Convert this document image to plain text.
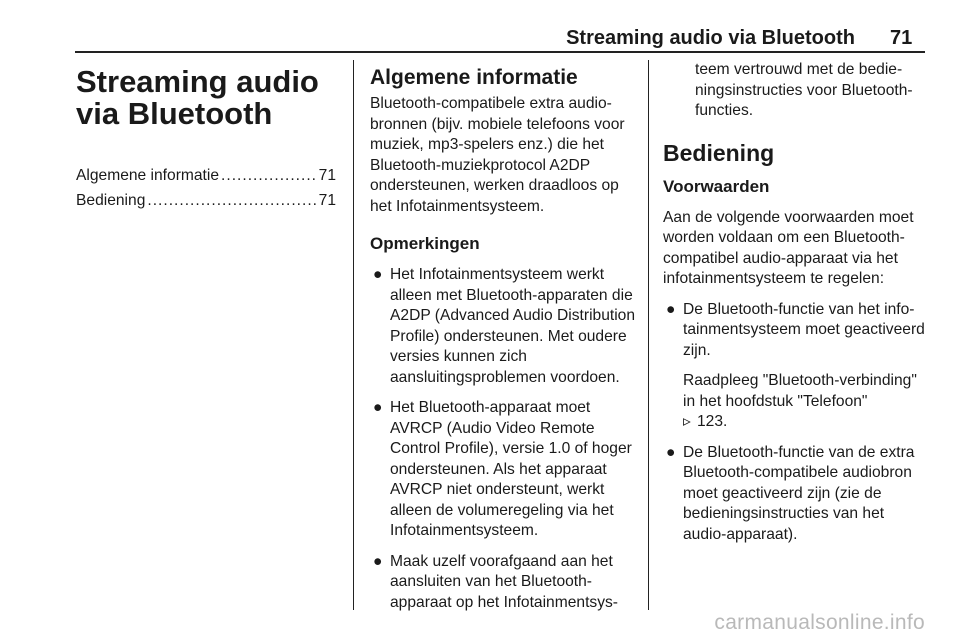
Streaming audio via Bluetooth 71
Streaming audio via Bluetooth
Algemene informatie .....	71
Bediening .....	71
Algemene informatie

Bluetooth-compatibele extra audiobronnen (bijv. mobiele telefoons voor muziek, mp3-spelers enz.) die het Bluetooth-muziekprotocol A2DP ondersteunen, werken draadloos op het Infotainmentsysteem.

Opmerkingen
● Het Infotainmentsysteem werkt alleen met Bluetooth-apparaten die A2DP (Advanced Audio Distribution Profile) ondersteunen. Met oudere versies kunnen zich aansluitingsproblemen voordoen.
● Het Bluetooth-apparaat moet AVRCP (Audio Video Remote Control Profile), versie 1.0 of hoger ondersteunen. Als het apparaat AVRCP niet ondersteunt, werkt alleen de volumeregeling via het Infotainmentsysteem.
● Maak uzelf voorafgaand aan het aansluiten van het Bluetooth-apparaat op het Infotainmentsys-

teem vertrouwd met de bedieningsinstructies voor Bluetooth-functies.

Bediening
Voorwaarden

Aan de volgende voorwaarden moet worden voldaan om een Bluetooth-compatibel audio-apparaat via het infotainmentsysteem te regelen:

● De Bluetooth-functie van het infotainmentsysteem moet geactiveerd zijn.
Raadpleeg "Bluetooth-verbinding" in het hoofdstuk "Telefoon"
▹ 123.
● De Bluetooth-functie van de extra Bluetooth-compatibele audiobron moet geactiveerd zijn (zie de bedieningsinstructies van het audio-apparaat).
carmanualsonline.info
